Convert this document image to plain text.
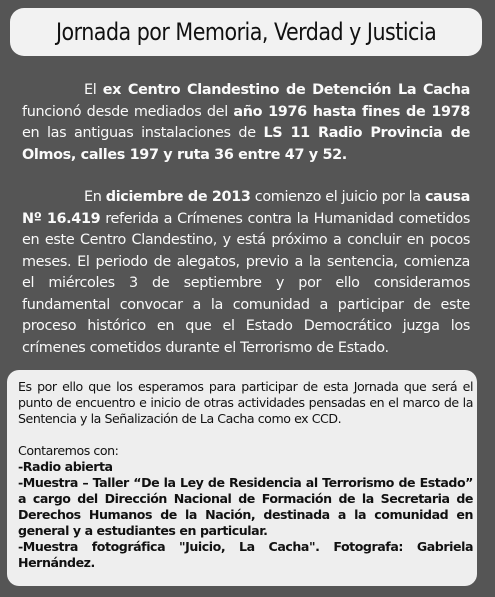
Jornada por Memoria, Verdad y Justicia

El ex Centro Clandestino de Detención La Cacha funcionó desde mediados del año 1976 hasta fines de 1978 en las antiguas instalaciones de LS 11 Radio Provincia de Olmos, calles 197 y ruta 36 entre 47 y 52.

En diciembre de 2013 comienzo el juicio por la causa Nº 16.419 referida a Crímenes contra la Humanidad cometidos en este Centro Clandestino, y está próximo a concluir en pocos meses. El periodo de alegatos, previo a la sentencia, comienza el miércoles 3 de septiembre y por ello consideramos fundamental convocar a la comunidad a participar de este proceso histórico en que el Estado Democrático juzga los crímenes cometidos durante el Terrorismo de Estado.

Es por ello que los esperamos para participar de esta Jornada que será el punto de encuentro e inicio de otras actividades pensadas en el marco de la Sentencia y la Señalización de La Cacha como ex CCD.

Contaremos con:

-Radio abierta

-Muestra – Taller “De la Ley de Residencia al Terrorismo de Estado” a cargo del Dirección Nacional de Formación de la Secretaria de Derechos Humanos de la Nación, destinada a la comunidad en general y a estudiantes en particular.

-Muestra fotográfica "Juicio, La Cacha". Fotografa: Gabriela Hernández.
